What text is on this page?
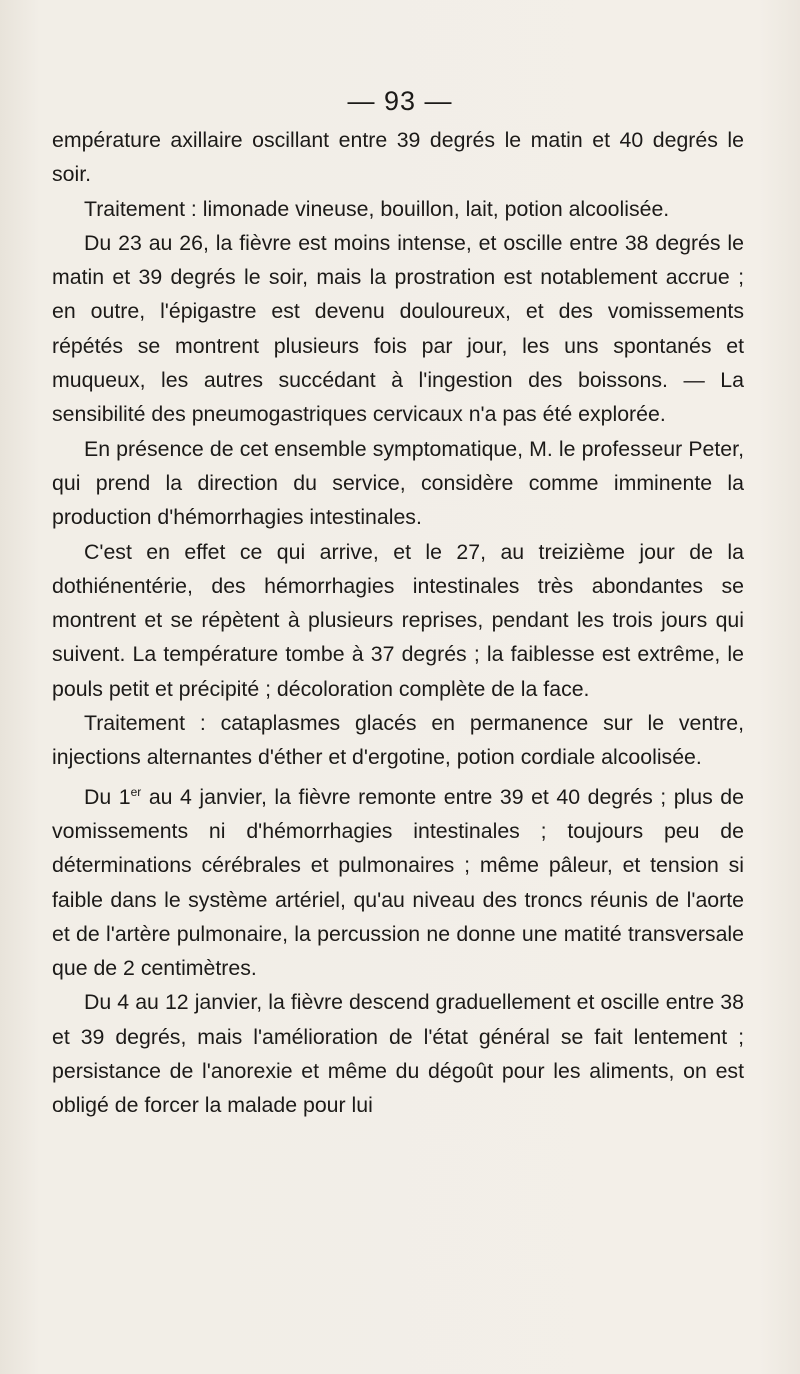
— 93 —

empérature axillaire oscillant entre 39 degrés le matin et 40 degrés le soir.

Traitement : limonade vineuse, bouillon, lait, potion alcoolisée.

Du 23 au 26, la fièvre est moins intense, et oscille entre 38 degrés le matin et 39 degrés le soir, mais la prostration est notablement accrue ; en outre, l'épigastre est devenu douloureux, et des vomissements répétés se montrent plusieurs fois par jour, les uns spontanés et muqueux, les autres succédant à l'ingestion des boissons. — La sensibilité des pneumogastriques cervicaux n'a pas été explorée.

En présence de cet ensemble symptomatique, M. le professeur Peter, qui prend la direction du service, considère comme imminente la production d'hémorrhagies intestinales.

C'est en effet ce qui arrive, et le 27, au treizième jour de la dothiénentérie, des hémorrhagies intestinales très abondantes se montrent et se répètent à plusieurs reprises, pendant les trois jours qui suivent. La température tombe à 37 degrés ; la faiblesse est extrême, le pouls petit et précipité ; décoloration complète de la face.

Traitement : cataplasmes glacés en permanence sur le ventre, injections alternantes d'éther et d'ergotine, potion cordiale alcoolisée.

Du 1er au 4 janvier, la fièvre remonte entre 39 et 40 degrés ; plus de vomissements ni d'hémorrhagies intestinales ; toujours peu de déterminations cérébrales et pulmonaires ; même pâleur, et tension si faible dans le système artériel, qu'au niveau des troncs réunis de l'aorte et de l'artère pulmonaire, la percussion ne donne une matité transversale que de 2 centimètres.

Du 4 au 12 janvier, la fièvre descend graduellement et oscille entre 38 et 39 degrés, mais l'amélioration de l'état général se fait lentement ; persistance de l'anorexie et même du dégoût pour les aliments, on est obligé de forcer la malade pour lui
